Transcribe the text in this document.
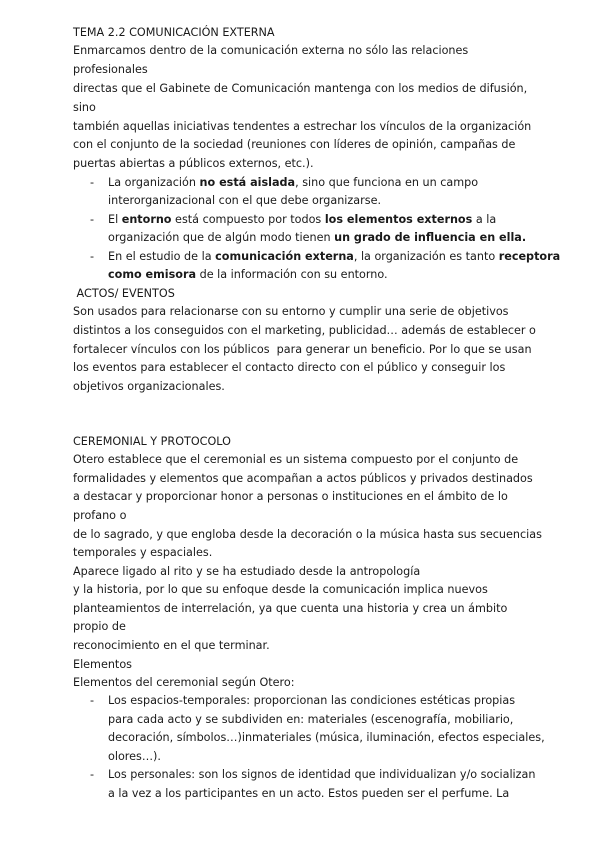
TEMA 2.2 COMUNICACIÓN EXTERNA
Enmarcamos dentro de la comunicación externa no sólo las relaciones
profesionales
directas que el Gabinete de Comunicación mantenga con los medios de difusión,
sino
también aquellas iniciativas tendentes a estrechar los vínculos de la organización
con el conjunto de la sociedad (reuniones con líderes de opinión, campañas de
puertas abiertas a públicos externos, etc.).
- La organización no está aislada, sino que funciona en un campo
interorganizacional con el que debe organizarse.
- El entorno está compuesto por todos los elementos externos a la
organización que de algún modo tienen un grado de influencia en ella.
- En el estudio de la comunicación externa, la organización es tanto receptora
como emisora de la información con su entorno.
ACTOS/ EVENTOS
Son usados para relacionarse con su entorno y cumplir una serie de objetivos
distintos a los conseguidos con el marketing, publicidad… además de establecer o
fortalecer vínculos con los públicos  para generar un beneficio. Por lo que se usan
los eventos para establecer el contacto directo con el público y conseguir los
objetivos organizacionales.
CEREMONIAL Y PROTOCOLO
Otero establece que el ceremonial es un sistema compuesto por el conjunto de
formalidades y elementos que acompañan a actos públicos y privados destinados
a destacar y proporcionar honor a personas o instituciones en el ámbito de lo
profano o
de lo sagrado, y que engloba desde la decoración o la música hasta sus secuencias
temporales y espaciales.
Aparece ligado al rito y se ha estudiado desde la antropología
y la historia, por lo que su enfoque desde la comunicación implica nuevos
planteamientos de interrelación, ya que cuenta una historia y crea un ámbito
propio de
reconocimiento en el que terminar.
Elementos
Elementos del ceremonial según Otero:
- Los espacios-temporales: proporcionan las condiciones estéticas propias
para cada acto y se subdividen en: materiales (escenografía, mobiliario,
decoración, símbolos…)inmateriales (música, iluminación, efectos especiales,
olores…).
- Los personales: son los signos de identidad que individualizan y/o socializan
a la vez a los participantes en un acto. Estos pueden ser el perfume. La
